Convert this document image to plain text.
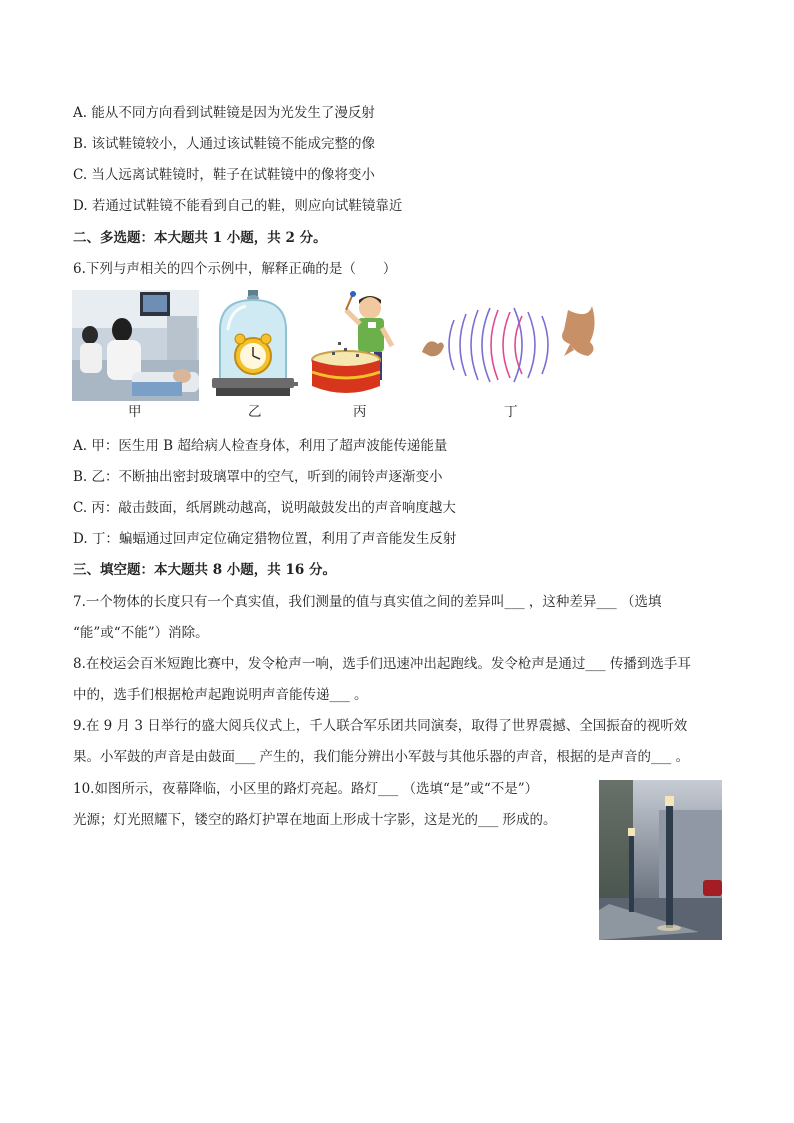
A. 能从不同方向看到试鞋镜是因为光发生了漫反射
B. 该试鞋镜较小，人通过该试鞋镜不能成完整的像
C. 当人远离试鞋镜时，鞋子在试鞋镜中的像将变小
D. 若通过试鞋镜不能看到自己的鞋，则应向试鞋镜靠近
二、多选题：本大题共 1 小题，共 2 分。
6.下列与声相关的四个示例中，解释正确的是（　　）
甲	乙	丙	丁
A. 甲：医生用 B 超给病人检查身体，利用了超声波能传递能量
B. 乙：不断抽出密封玻璃罩中的空气，听到的闹铃声逐渐变小
C. 丙：敲击鼓面，纸屑跳动越高，说明敲鼓发出的声音响度越大
D. 丁：蝙蝠通过回声定位确定猎物位置，利用了声音能发生反射
三、填空题：本大题共 8 小题，共 16 分。
7.一个物体的长度只有一个真实值，我们测量的值与真实值之间的差异叫___ ，这种差异___ （选填
“能”或“不能”）消除。
8.在校运会百米短跑比赛中，发令枪声一响，选手们迅速冲出起跑线。发令枪声是通过___ 传播到选手耳
中的，选手们根据枪声起跑说明声音能传递___ 。
9.在 9 月 3 日举行的盛大阅兵仪式上，千人联合军乐团共同演奏，取得了世界震撼、全国振奋的视听效
果。小军鼓的声音是由鼓面___ 产生的，我们能分辨出小军鼓与其他乐器的声音，根据的是声音的___ 。
10.如图所示，夜幕降临，小区里的路灯亮起。路灯___ （选填“是”或“不是”）
光源；灯光照耀下，镂空的路灯护罩在地面上形成十字影，这是光的___ 形成的。
